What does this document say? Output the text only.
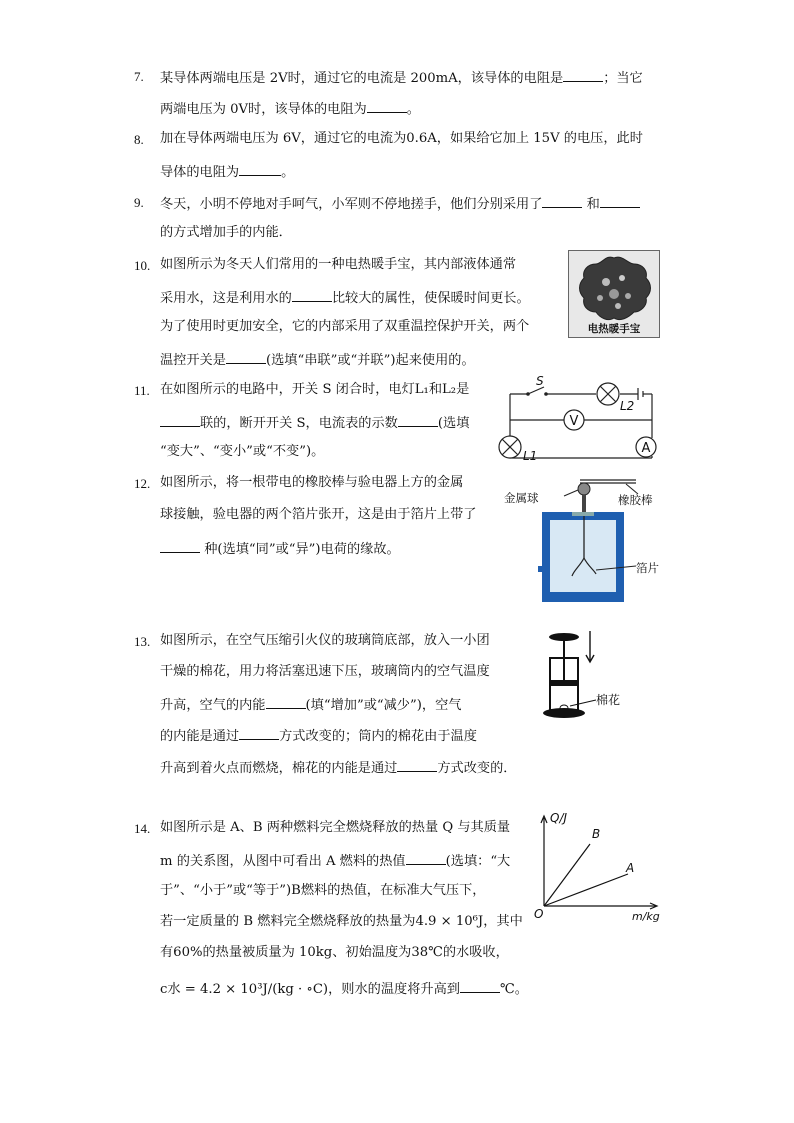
7. 某导体两端电压是 2V时，通过它的电流是 200mA，该导体的电阻是	；当它
两端电压为 0V时，该导体的电阻为	。
8. 加在导体两端电压为 6V，通过它的电流为0.6A，如果给它加上 15V 的电压，此时
导体的电阻为	。
9. 冬天，小明不停地对手呵气，小军则不停地搓手，他们分别采用了	和
的方式增加手的内能．
10. 如图所示为冬天人们常用的一种电热暖手宝，其内部液体通常
采用水，这是利用水的	比较大的属性，使保暖时间更长。
为了使用时更加安全，它的内部采用了双重温控保护开关，两个
温控开关是	(选填“串联”或“并联”)起来使用的。
电热暖手宝
11. 在如图所示的电路中，开关 S 闭合时，电灯L₁和L₂是
联的，断开开关 S，电流表的示数	(选填
“变大”、“变小”或“不变”)。
V
A
S
L2
L1
12. 如图所示，将一根带电的橡胶棒与验电器上方的金属
球接触，验电器的两个箔片张开，这是由于箔片上带了
种(选填“同”或“异”)电荷的缘故。
橡胶棒
金属球
箔片
13. 如图所示，在空气压缩引火仪的玻璃筒底部，放入一小团
干燥的棉花，用力将活塞迅速下压，玻璃筒内的空气温度
升高，空气的内能	(填“增加”或“减少”)，空气
的内能是通过	方式改变的；筒内的棉花由于温度
升高到着火点而燃烧，棉花的内能是通过	方式改变的．
棉花
14. 如图所示是 A、B 两种燃料完全燃烧释放的热量 Q 与其质量
m 的关系图，从图中可看出 A 燃料的热值	(选填：“大
于”、“小于”或“等于”)B燃料的热值，在标准大气压下，
若一定质量的 B 燃料完全燃烧释放的热量为4.9 × 10⁶J，其中
有60%的热量被质量为 10kg、初始温度为38℃的水吸收，
c水 = 4.2 × 10³J/(kg · ∘C)，则水的温度将升高到	℃。
Q/J
B
A
O	m/kg
